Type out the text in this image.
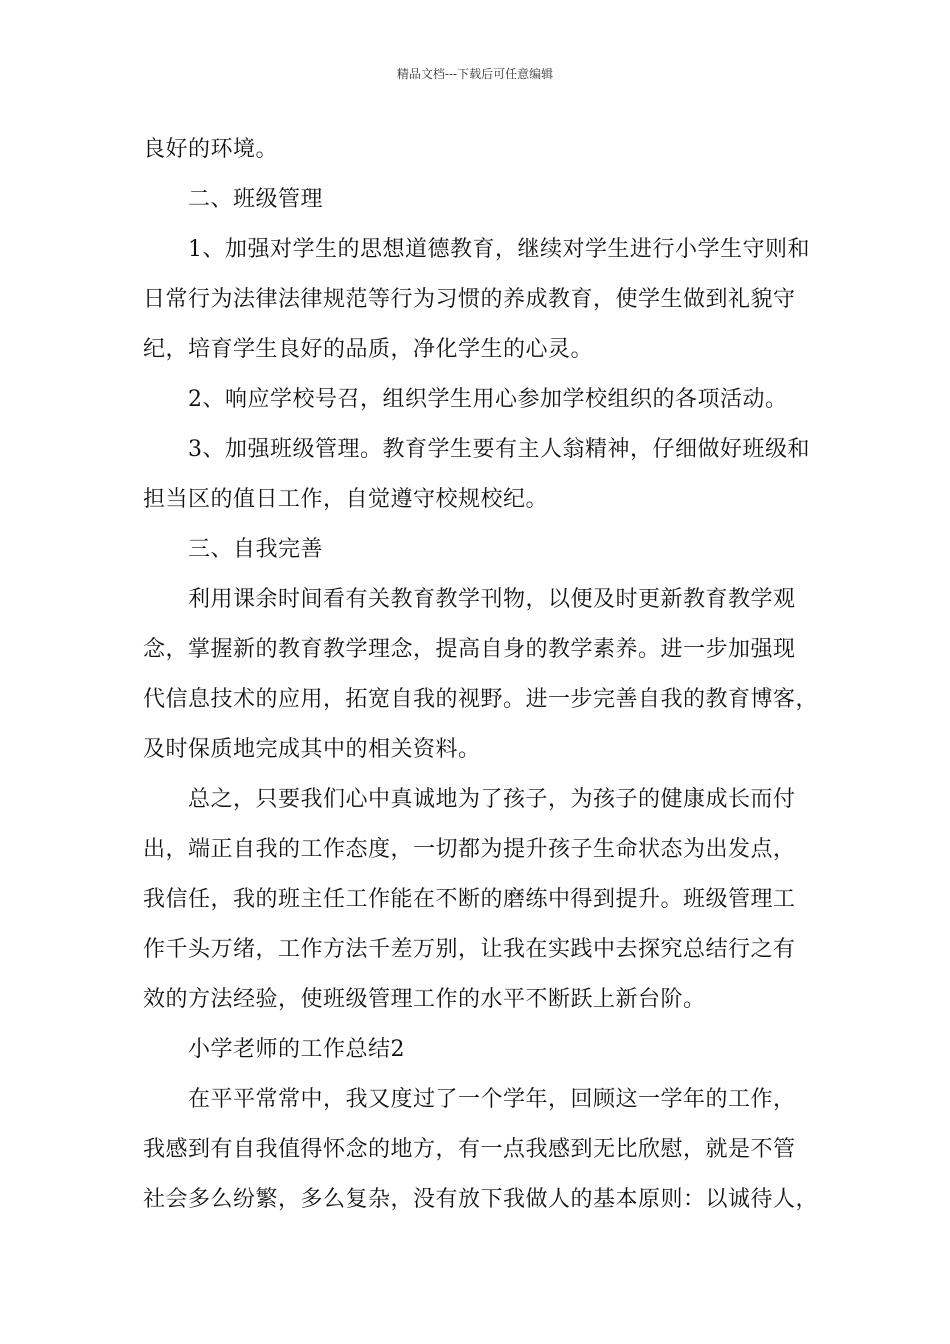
精品文档---下载后可任意编辑
良好的环境。
二、班级管理
1、加强对学生的思想道德教育，继续对学生进行小学生守则和
日常行为法律法律规范等行为习惯的养成教育，使学生做到礼貌守
纪，培育学生良好的品质，净化学生的心灵。
2、响应学校号召，组织学生用心参加学校组织的各项活动。
3、加强班级管理。教育学生要有主人翁精神，仔细做好班级和
担当区的值日工作，自觉遵守校规校纪。
三、自我完善
利用课余时间看有关教育教学刊物，以便及时更新教育教学观
念，掌握新的教育教学理念，提高自身的教学素养。进一步加强现
代信息技术的应用，拓宽自我的视野。进一步完善自我的教育博客，
及时保质地完成其中的相关资料。
总之，只要我们心中真诚地为了孩子，为孩子的健康成长而付
出，端正自我的工作态度，一切都为提升孩子生命状态为出发点，
我信任，我的班主任工作能在不断的磨练中得到提升。班级管理工
作千头万绪，工作方法千差万别，让我在实践中去探究总结行之有
效的方法经验，使班级管理工作的水平不断跃上新台阶。
小学老师的工作总结2
在平平常常中，我又度过了一个学年，回顾这一学年的工作，
我感到有自我值得怀念的地方，有一点我感到无比欣慰，就是不管
社会多么纷繁，多么复杂，没有放下我做人的基本原则：以诚待人，
